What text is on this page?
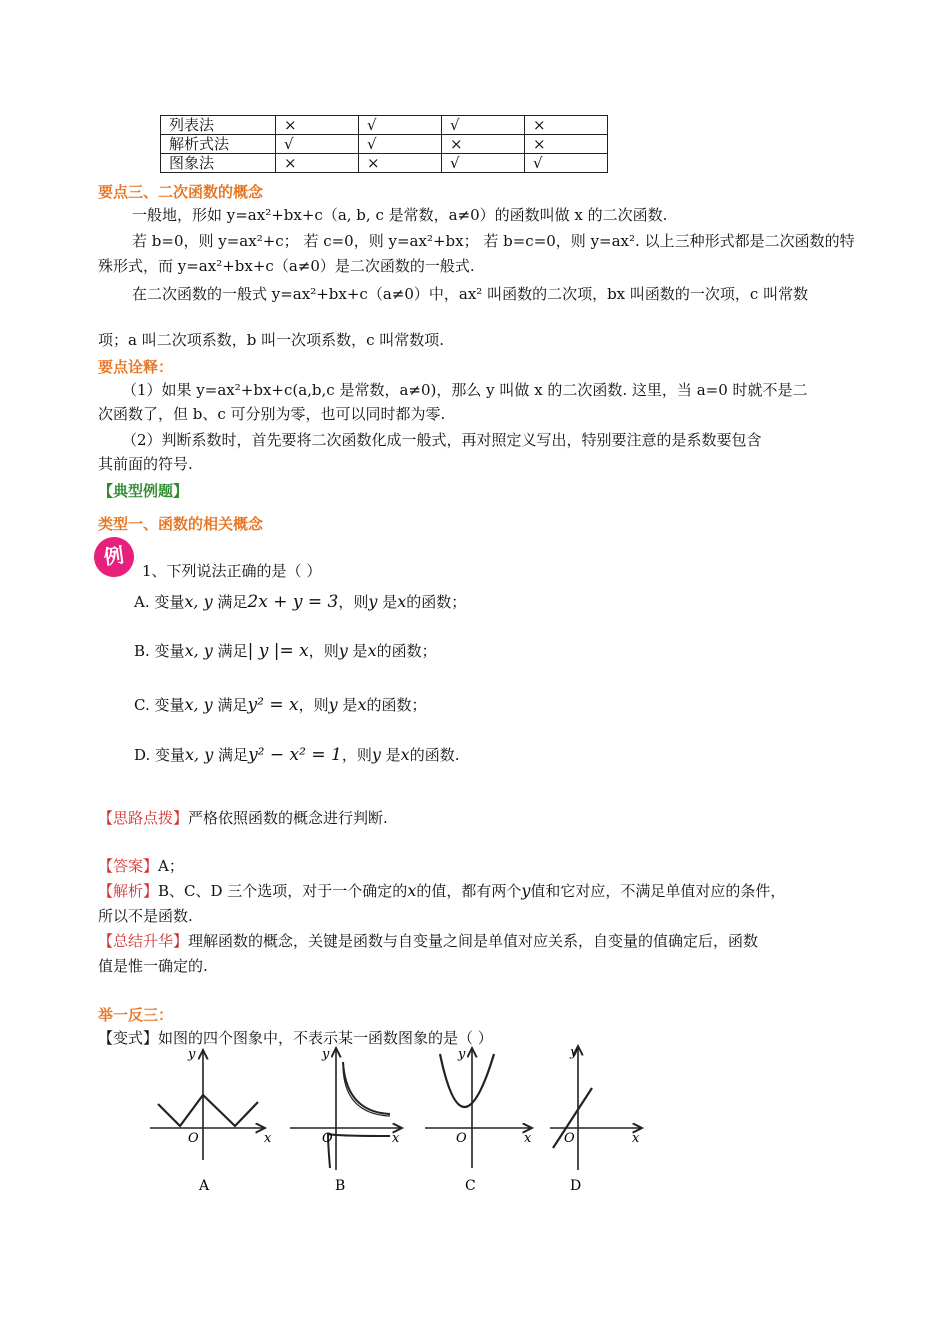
列表法	×	√	√	×
解析式法	√	√	×	×
图象法	×	×	√	√
要点三、二次函数的概念
一般地，形如 y=ax²+bx+c（a, b, c 是常数，a≠0）的函数叫做 x 的二次函数.
若 b=0，则 y=ax²+c； 若 c=0，则 y=ax²+bx； 若 b=c=0，则 y=ax². 以上三种形式都是二次函数的特
殊形式，而 y=ax²+bx+c（a≠0）是二次函数的一般式.
在二次函数的一般式 y=ax²+bx+c（a≠0）中，ax² 叫函数的二次项，bx 叫函数的一次项，c 叫常数
项；a 叫二次项系数，b 叫一次项系数，c 叫常数项.
要点诠释：
（1）如果 y=ax²+bx+c(a,b,c 是常数，a≠0)，那么 y 叫做 x 的二次函数. 这里，当 a=0 时就不是二
次函数了，但 b、c 可分别为零，也可以同时都为零.
（2）判断系数时，首先要将二次函数化成一般式，再对照定义写出，特别要注意的是系数要包含
其前面的符号.
【典型例题】
类型一、函数的相关概念
例
1、下列说法正确的是（ ）
A. 变量x, y 满足2x + y = 3，则y 是x的函数；
B. 变量x, y 满足| y |= x，则y 是x的函数；
C. 变量x, y 满足y² = x，则y 是x的函数；
D. 变量x, y 满足y² − x² = 1，则y 是x的函数.
【思路点拨】严格依照函数的概念进行判断.
【答案】A；
【解析】B、C、D 三个选项，对于一个确定的x的值，都有两个y值和它对应，不满足单值对应的条件，
所以不是函数.
【总结升华】理解函数的概念，关键是函数与自变量之间是单值对应关系，自变量的值确定后，函数
值是惟一确定的.
举一反三：
【变式】如图的四个图象中，不表示某一函数图象的是（ ）
y
O	x
A
y
O	x
B
y
O	x
C
y
O	x
D
